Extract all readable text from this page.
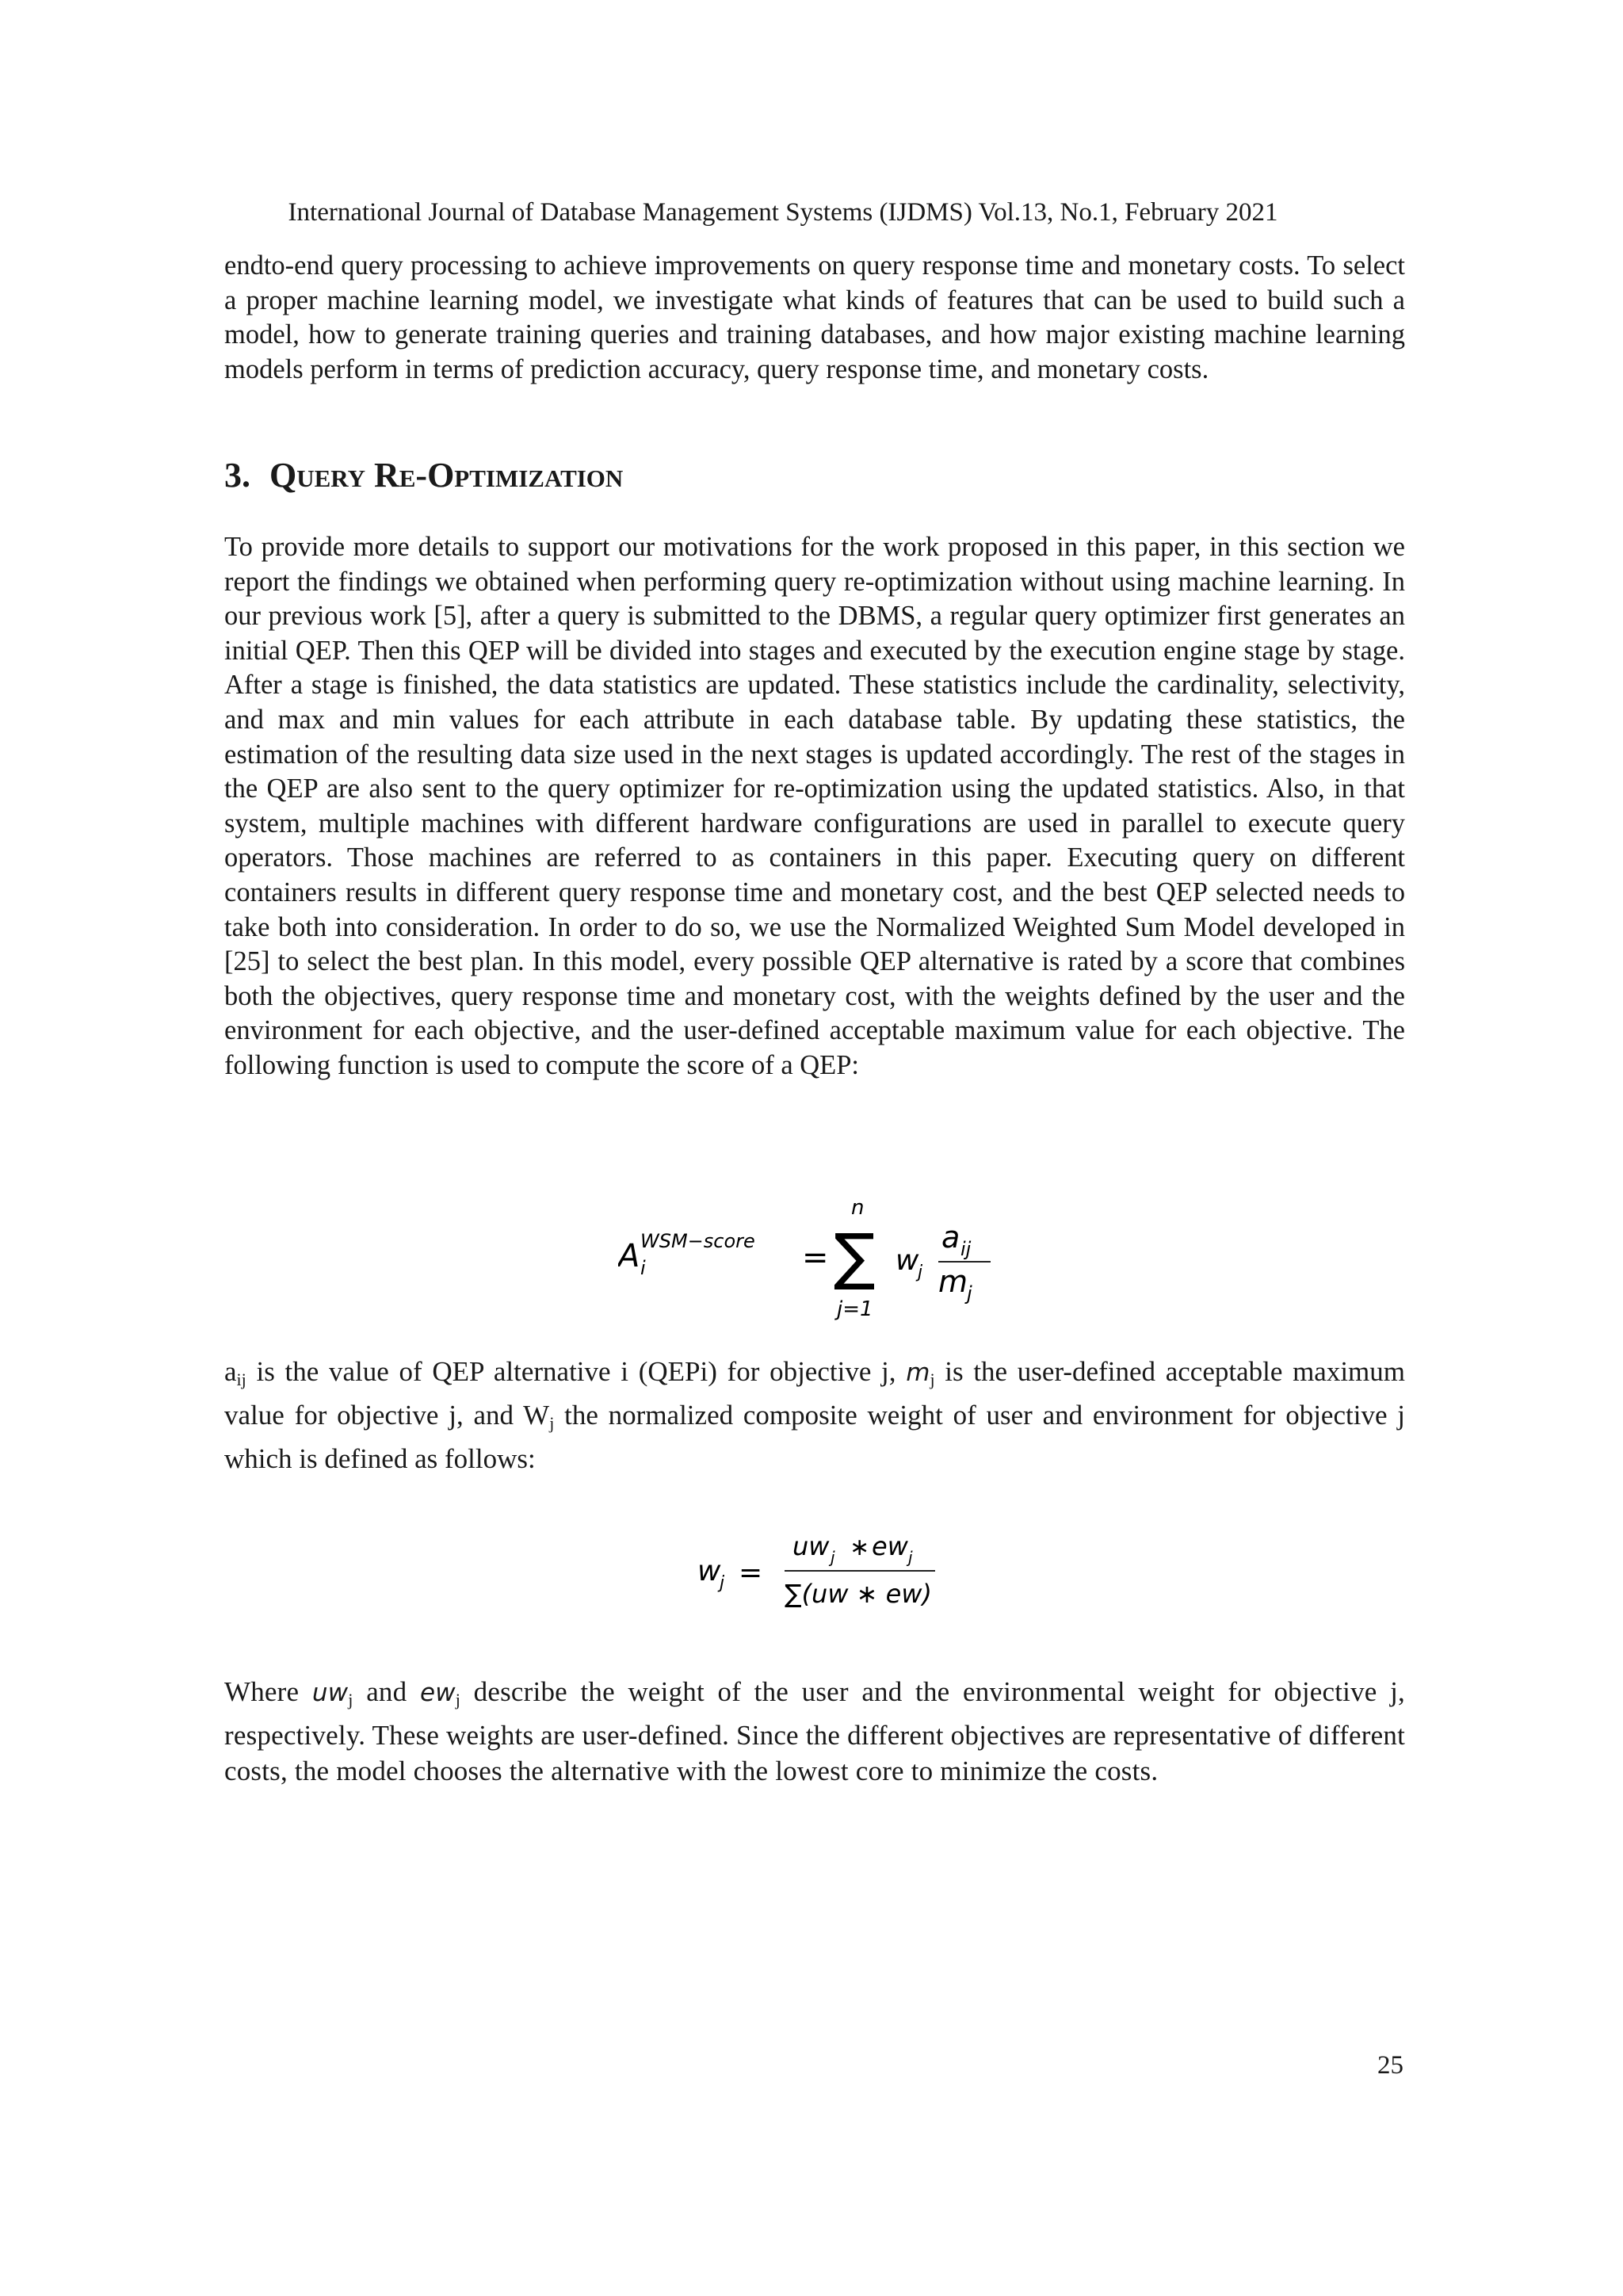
International Journal of Database Management Systems (IJDMS) Vol.13, No.1, February 2021

endto-end query processing to achieve improvements on query response time and monetary costs. To select a proper machine learning model, we investigate what kinds of features that can be used to build such a model, how to generate training queries and training databases, and how major existing machine learning models perform in terms of prediction accuracy, query response time, and monetary costs.

3. Query Re-Optimization

To provide more details to support our motivations for the work proposed in this paper, in this section we report the findings we obtained when performing query re-optimization without using machine learning. In our previous work [5], after a query is submitted to the DBMS, a regular query optimizer first generates an initial QEP. Then this QEP will be divided into stages and executed by the execution engine stage by stage. After a stage is finished, the data statistics are updated. These statistics include the cardinality, selectivity, and max and min values for each attribute in each database table. By updating these statistics, the estimation of the resulting data size used in the next stages is updated accordingly. The rest of the stages in the QEP are also sent to the query optimizer for re-optimization using the updated statistics. Also, in that system, multiple machines with different hardware configurations are used in parallel to execute query operators. Those machines are referred to as containers in this paper. Executing query on different containers results in different query response time and monetary cost, and the best QEP selected needs to take both into consideration. In order to do so, we use the Normalized Weighted Sum Model developed in [25] to select the best plan. In this model, every possible QEP alternative is rated by a score that combines both the objectives, query response time and monetary cost, with the weights defined by the user and the environment for each objective, and the user-defined acceptable maximum value for each objective. The following function is used to compute the score of a QEP:

A WSM−score
i	=
n
∑
j=1
w
j
a ij
m
j

$a_{ij}$ is the value of QEP alternative i (QEPi) for objective j, $m_j$ is the user-defined acceptable maximum value for objective j, and $W_j$ the normalized composite weight of user and environment for objective j which is defined as follows:

w
j =
uw j ∗ ew j
∑(uw ∗ ew)

Where $uw_j$ and $ew_j$ describe the weight of the user and the environmental weight for objective j, respectively. These weights are user-defined. Since the different objectives are representative of different costs, the model chooses the alternative with the lowest core to minimize the costs.

25
